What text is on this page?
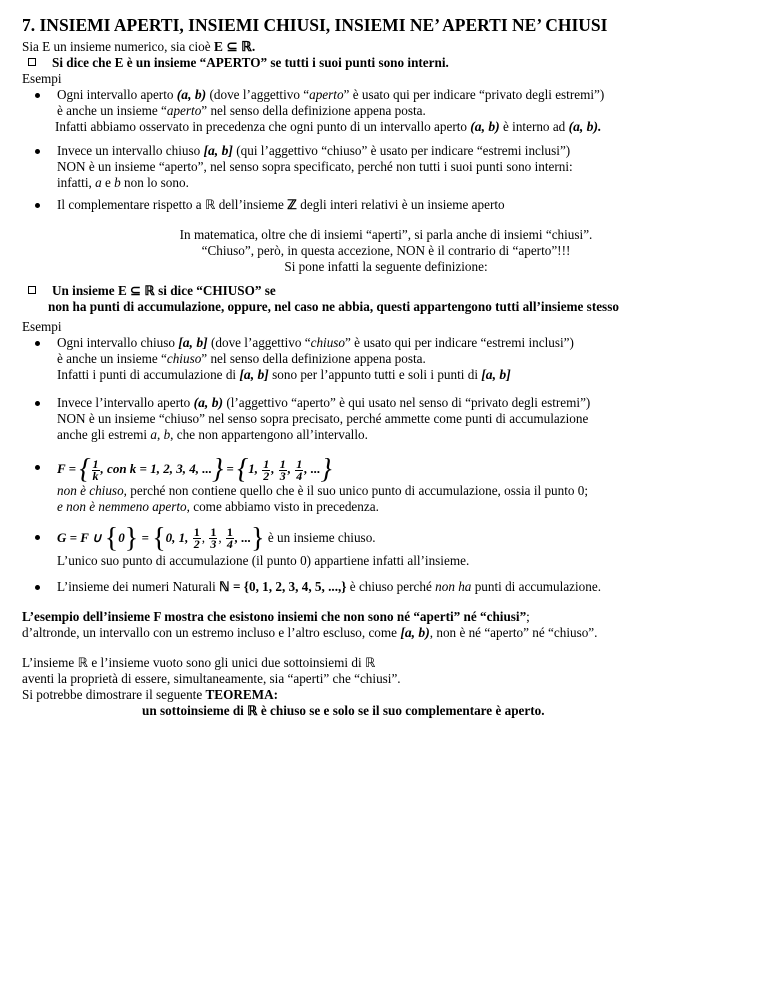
7. INSIEMI APERTI, INSIEMI CHIUSI, INSIEMI NE’ APERTI NE’ CHIUSI
Sia E un insieme numerico, sia cioè E ⊆ ℝ.
Si dice che E è un insieme “APERTO” se tutti i suoi punti sono interni.
Esempi
Ogni intervallo aperto (a, b) (dove l’aggettivo “aperto” è usato qui per indicare “privato degli estremi”)
è anche un insieme “aperto” nel senso della definizione appena posta.
Infatti abbiamo osservato in precedenza che ogni punto di un intervallo aperto (a, b) è interno ad (a, b).
Invece un intervallo chiuso [a, b] (qui l’aggettivo “chiuso” è usato per indicare “estremi inclusi”)
NON è un insieme “aperto”, nel senso sopra specificato, perché non tutti i suoi punti sono interni:
infatti, a e b non lo sono.
Il complementare rispetto a ℝ dell’insieme ℤ degli interi relativi è un insieme aperto
In matematica, oltre che di insiemi “aperti”, si parla anche di insiemi “chiusi”.
“Chiuso”, però, in questa accezione, NON è il contrario di “aperto”!!!
Si pone infatti la seguente definizione:
Un insieme E ⊆ ℝ si dice “CHIUSO” se
non ha punti di accumulazione, oppure, nel caso ne abbia, questi appartengono tutti all’insieme stesso
Esempi
Ogni intervallo chiuso [a, b] (dove l’aggettivo “chiuso” è usato qui per indicare “estremi inclusi”)
è anche un insieme “chiuso” nel senso della definizione appena posta.
Infatti i punti di accumulazione di [a, b] sono per l’appunto tutti e soli i punti di [a, b]
Invece l’intervallo aperto (a, b) (l’aggettivo “aperto” è qui usato nel senso di “privato degli estremi”)
NON è un insieme “chiuso” nel senso sopra precisato, perché ammette come punti di accumulazione
anche gli estremi a, b, che non appartengono all’intervallo.
F = { $\frac{1}{k}$ , con k = 1, 2, 3, 4, ...} = {1, $\frac{1}{2}$ , $\frac{1}{3}$ , $\frac{1}{4}$ , ...}
non è chiuso, perché non contiene quello che è il suo unico punto di accumulazione, ossia il punto 0;
e non è nemmeno aperto, come abbiamo visto in precedenza.
G = F ∪ {0} = {0, 1, $\frac{1}{2}$ , $\frac{1}{3}$ , $\frac{1}{4}$ , ...} è un insieme chiuso.
L’unico suo punto di accumulazione (il punto 0) appartiene infatti all’insieme.
L’insieme dei numeri Naturali ℕ = {0, 1, 2, 3, 4, 5, ...,} è chiuso perché non ha punti di accumulazione.
L’esempio dell’insieme F mostra che esistono insiemi che non sono né “aperti” né “chiusi”;
d’altronde, un intervallo con un estremo incluso e l’altro escluso, come [a, b), non è né “aperto” né “chiuso”.
L’insieme ℝ e l’insieme vuoto sono gli unici due sottoinsiemi di ℝ
aventi la proprietà di essere, simultaneamente, sia “aperti” che “chiusi”.
Si potrebbe dimostrare il seguente TEOREMA:
un sottoinsieme di ℝ è chiuso se e solo se il suo complementare è aperto.
